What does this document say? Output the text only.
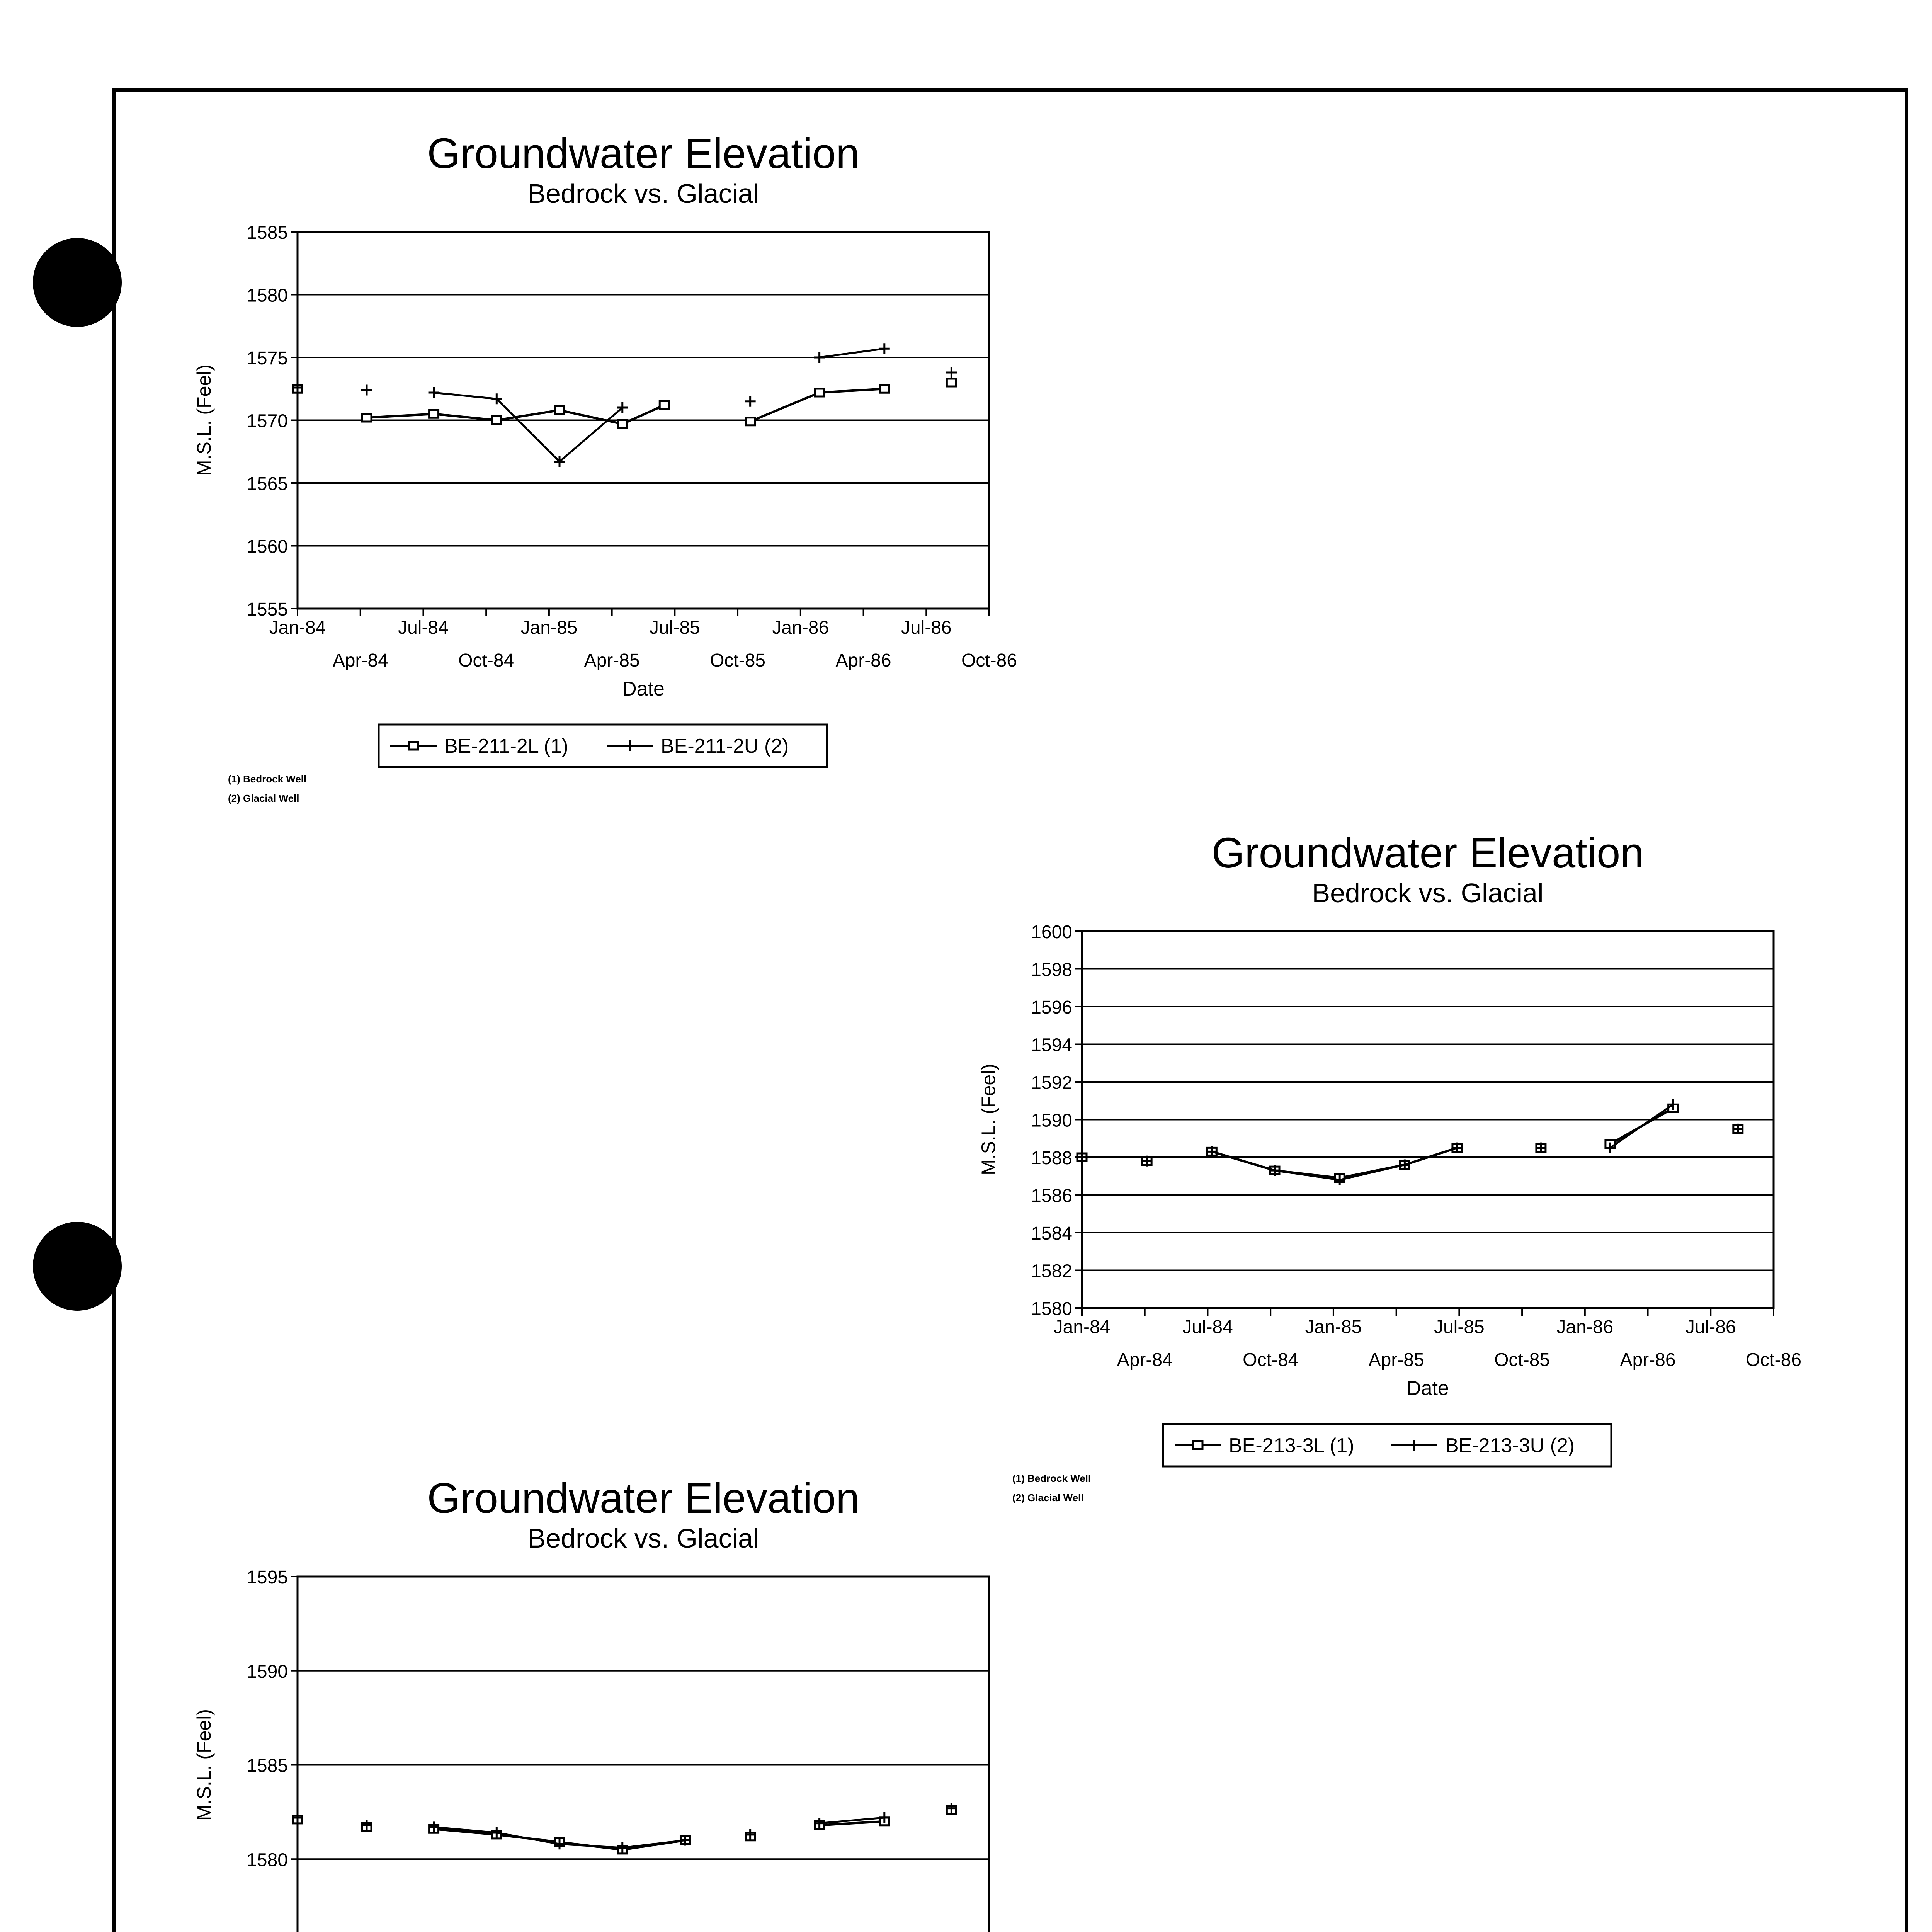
Groundwater Elevation
Bedrock vs. Glacial
1555
1560
1565
1570
1575
1580
1585
Jan-84
Apr-84
Jul-84
Oct-84
Jan-85
Apr-85
Jul-85
Oct-85
Jan-86
Apr-86
Jul-86
Oct-86
Date
M.S.L. (Feel)
BE-211-2L (1)	BE-211-2U (2)
(1) Bedrock Well
(2) Glacial Well
Groundwater Elevation
Bedrock vs. Glacial
1580
1582
1584
1586
1588
1590
1592
1594
1596
1598
1600
Jan-84
Apr-84
Jul-84
Oct-84
Jan-85
Apr-85
Jul-85
Oct-85
Jan-86
Apr-86
Jul-86
Oct-86
Date
M.S.L. (Feel)
BE-213-3L (1)	BE-213-3U (2)
(1) Bedrock Well
(2) Glacial Well
Groundwater Elevation
Bedrock vs. Glacial
1580
1585
1590
1595
M.S.L. (Feel)
